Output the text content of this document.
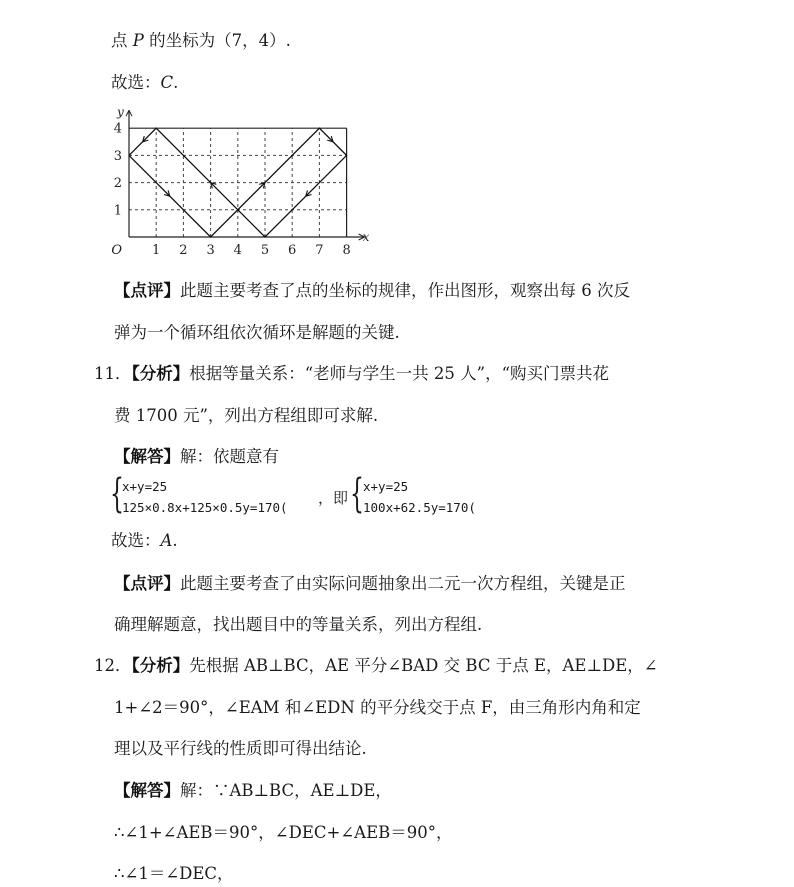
点 P 的坐标为（7，4）.
故选：C.
1 2 3 4 5 6 7 8
1
2
3
4
O
x
y
【点评】此题主要考查了点的坐标的规律，作出图形，观察出每 6 次反
弹为一个循环组依次循环是解题的关键.
11．【分析】根据等量关系：“老师与学生一共 25 人”，“购买门票共花
费 1700 元”，列出方程组即可求解.
【解答】解：依题意有
{
x+y=25
125×0.8x+125×0.5y=170(
，即 { x+y=25
100x+62.5y=170(
故选：A.
【点评】此题主要考查了由实际问题抽象出二元一次方程组，关键是正
确理解题意，找出题目中的等量关系，列出方程组.
12．【分析】先根据 AB⊥BC，AE 平分∠BAD 交 BC 于点 E，AE⊥DE，∠
1+∠2＝90°，∠EAM 和∠EDN 的平分线交于点 F，由三角形内角和定
理以及平行线的性质即可得出结论.
【解答】解：∵AB⊥BC，AE⊥DE，
∴∠1+∠AEB＝90°，∠DEC+∠AEB＝90°，
∴∠1＝∠DEC，
